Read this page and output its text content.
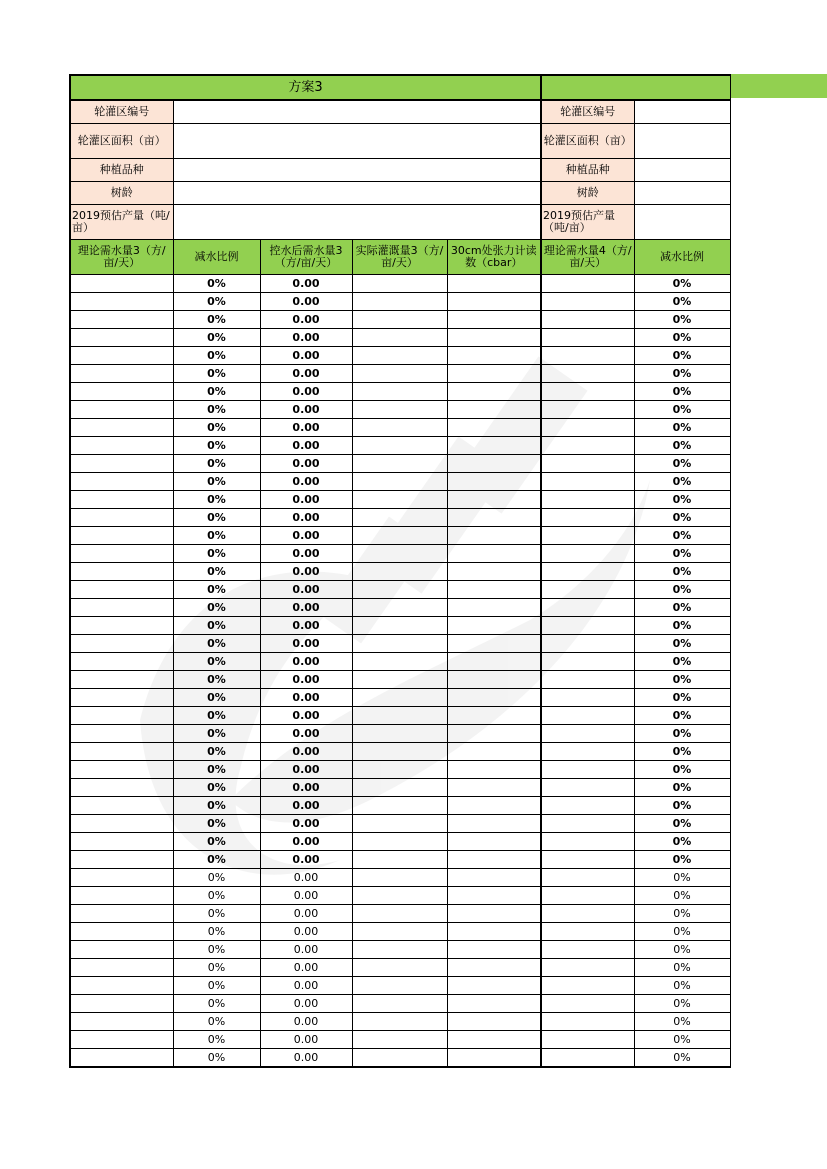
方案3						
轮灌区编号					轮灌区编号	
轮灌区面积（亩）					轮灌区面积（亩）	
种植品种					种植品种	
树龄					树龄	
2019预估产量（吨/亩）					2019预估产量（吨/亩）	
理论需水量3（方/亩/天）	减水比例	控水后需水量3（方/亩/天）	实际灌溉量3（方/亩/天）	30cm处张力计读数（cbar）	理论需水量4（方/亩/天）	减水比例
	0%	0.00				0%
	0%	0.00				0%
	0%	0.00				0%
	0%	0.00				0%
	0%	0.00				0%
	0%	0.00				0%
	0%	0.00				0%
	0%	0.00				0%
	0%	0.00				0%
	0%	0.00				0%
	0%	0.00				0%
	0%	0.00				0%
	0%	0.00				0%
	0%	0.00				0%
	0%	0.00				0%
	0%	0.00				0%
	0%	0.00				0%
	0%	0.00				0%
	0%	0.00				0%
	0%	0.00				0%
	0%	0.00				0%
	0%	0.00				0%
	0%	0.00				0%
	0%	0.00				0%
	0%	0.00				0%
	0%	0.00				0%
	0%	0.00				0%
	0%	0.00				0%
	0%	0.00				0%
	0%	0.00				0%
	0%	0.00				0%
	0%	0.00				0%
	0%	0.00				0%
	0%	0.00				0%
	0%	0.00				0%
	0%	0.00				0%
	0%	0.00				0%
	0%	0.00				0%
	0%	0.00				0%
	0%	0.00				0%
	0%	0.00				0%
	0%	0.00				0%
	0%	0.00				0%
	0%	0.00				0%
